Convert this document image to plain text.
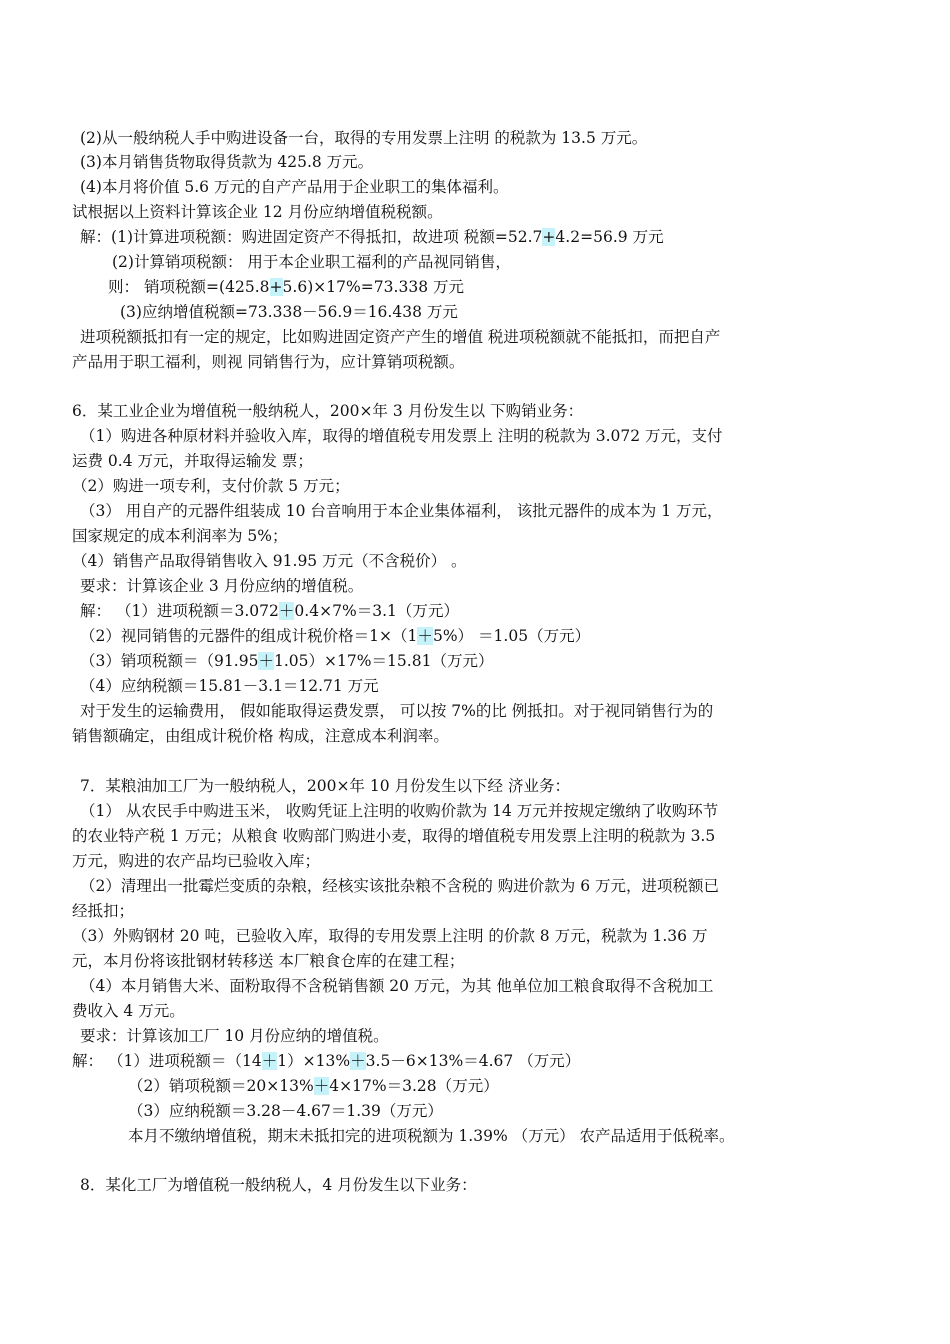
(2)从一般纳税人手中购进设备一台，取得的专用发票上注明 的税款为 13.5 万元。
(3)本月销售货物取得货款为 425.8 万元。
(4)本月将价值 5.6 万元的自产产品用于企业职工的集体福利。
试根据以上资料计算该企业 12 月份应纳增值税税额。
解：(1)计算进项税额：购进固定资产不得抵扣，故进项 税额=52.7+4.2=56.9 万元
(2)计算销项税额： 用于本企业职工福利的产品视同销售，
则： 销项税额=(425.8+5.6)×17%=73.338 万元
(3)应纳增值税额=73.338－56.9＝16.438 万元
进项税额抵扣有一定的规定，比如购进固定资产产生的增值 税进项税额就不能抵扣，而把自产
产品用于职工福利，则视 同销售行为，应计算销项税额。
6．某工业企业为增值税一般纳税人，200×年 3 月份发生以 下购销业务：
（1）购进各种原材料并验收入库，取得的增值税专用发票上 注明的税款为 3.072 万元，支付
运费 0.4 万元，并取得运输发 票；
（2）购进一项专利，支付价款 5 万元；
（3） 用自产的元器件组装成 10 台音响用于本企业集体福利， 该批元器件的成本为 1 万元，
国家规定的成本利润率为 5%；
（4）销售产品取得销售收入 91.95 万元（不含税价） 。
要求：计算该企业 3 月份应纳的增值税。
解： （1）进项税额＝3.072＋0.4×7%＝3.1（万元）
（2）视同销售的元器件的组成计税价格＝1×（1＋5%） ＝1.05（万元）
（3）销项税额＝（91.95＋1.05）×17%＝15.81（万元）
（4）应纳税额＝15.81－3.1＝12.71 万元
对于发生的运输费用， 假如能取得运费发票， 可以按 7%的比 例抵扣。对于视同销售行为的
销售额确定，由组成计税价格 构成，注意成本利润率。
7．某粮油加工厂为一般纳税人，200×年 10 月份发生以下经 济业务：
（1） 从农民手中购进玉米， 收购凭证上注明的收购价款为 14 万元并按规定缴纳了收购环节
的农业特产税 1 万元；从粮食 收购部门购进小麦，取得的增值税专用发票上注明的税款为 3.5
万元，购进的农产品均已验收入库；
（2）清理出一批霉烂变质的杂粮，经核实该批杂粮不含税的 购进价款为 6 万元，进项税额已
经抵扣；
（3）外购钢材 20 吨，已验收入库，取得的专用发票上注明 的价款 8 万元，税款为 1.36 万
元，本月份将该批钢材转移送 本厂粮食仓库的在建工程；
（4）本月销售大米、面粉取得不含税销售额 20 万元，为其 他单位加工粮食取得不含税加工
费收入 4 万元。
要求：计算该加工厂 10 月份应纳的增值税。
解： （1）进项税额＝（14＋1）×13%＋3.5－6×13%＝4.67 （万元）
（2）销项税额＝20×13%＋4×17%＝3.28（万元）
（3）应纳税额＝3.28－4.67＝1.39（万元）
本月不缴纳增值税，期末未抵扣完的进项税额为 1.39% （万元） 农产品适用于低税率。
8．某化工厂为增值税一般纳税人，4 月份发生以下业务：
